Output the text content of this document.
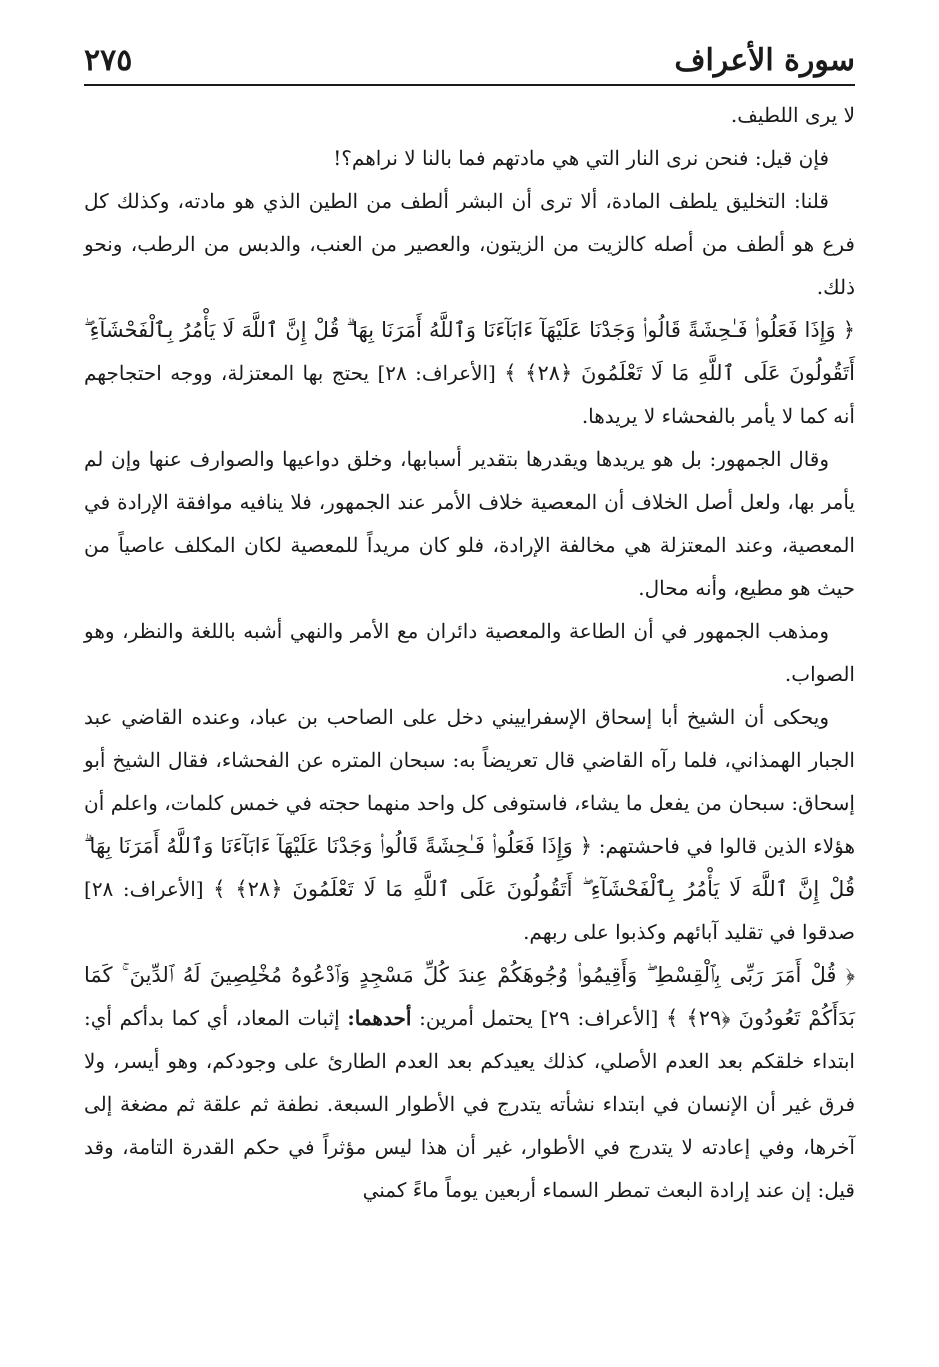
٢٧٥	سورة الأعراف

لا يرى اللطيف.

فإن قيل: فنحن نرى النار التي هي مادتهم فما بالنا لا نراهم؟!

قلنا: التخليق يلطف المادة، ألا ترى أن البشر ألطف من الطين الذي هو مادته، وكذلك كل فرع هو ألطف من أصله كالزيت من الزيتون، والعصير من العنب، والدبس من الرطب، ونحو ذلك.

﴿ وَإِذَا فَعَلُوا۟ فَـٰحِشَةً قَالُوا۟ وَجَدْنَا عَلَيْهَآ ءَابَآءَنَا وَٱللَّهُ أَمَرَنَا بِهَا ۗ قُلْ إِنَّ ٱللَّهَ لَا يَأْمُرُ بِٱلْفَحْشَآءِ ۖ أَتَقُولُونَ عَلَى ٱللَّهِ مَا لَا تَعْلَمُونَ ﴿٢٨﴾ ﴾ [الأعراف: ٢٨] يحتج بها المعتزلة، ووجه احتجاجهم أنه كما لا يأمر بالفحشاء لا يريدها.

وقال الجمهور: بل هو يريدها ويقدرها بتقدير أسبابها، وخلق دواعيها والصوارف عنها وإن لم يأمر بها، ولعل أصل الخلاف أن المعصية خلاف الأمر عند الجمهور، فلا ينافيه موافقة الإرادة في المعصية، وعند المعتزلة هي مخالفة الإرادة، فلو كان مريداً للمعصية لكان المكلف عاصياً من حيث هو مطيع، وأنه محال.

ومذهب الجمهور في أن الطاعة والمعصية دائران مع الأمر والنهي أشبه باللغة والنظر، وهو الصواب.

ويحكى أن الشيخ أبا إسحاق الإسفراييني دخل على الصاحب بن عباد، وعنده القاضي عبد الجبار الهمذاني، فلما رآه القاضي قال تعريضاً به: سبحان المتره عن الفحشاء، فقال الشيخ أبو إسحاق: سبحان من يفعل ما يشاء، فاستوفى كل واحد منهما حجته في خمس كلمات، واعلم أن هؤلاء الذين قالوا في فاحشتهم: ﴿ وَإِذَا فَعَلُوا۟ فَـٰحِشَةً قَالُوا۟ وَجَدْنَا عَلَيْهَآ ءَابَآءَنَا وَٱللَّهُ أَمَرَنَا بِهَا ۗ قُلْ إِنَّ ٱللَّهَ لَا يَأْمُرُ بِٱلْفَحْشَآءِ ۖ أَتَقُولُونَ عَلَى ٱللَّهِ مَا لَا تَعْلَمُونَ ﴿٢٨﴾ ﴾ [الأعراف: ٢٨] صدقوا في تقليد آبائهم وكذبوا على ربهم.

﴿ قُلْ أَمَرَ رَبِّى بِٱلْقِسْطِ ۖ وَأَقِيمُوا۟ وُجُوهَكُمْ عِندَ كُلِّ مَسْجِدٍ وَٱدْعُوهُ مُخْلِصِينَ لَهُ ٱلدِّينَ ۚ كَمَا بَدَأَكُمْ تَعُودُونَ ﴿٢٩﴾ ﴾ [الأعراف: ٢٩] يحتمل أمرين: أحدهما: إثبات المعاد، أي كما بدأكم أي: ابتداء خلقكم بعد العدم الأصلي، كذلك يعيدكم بعد العدم الطارئ على وجودكم، وهو أيسر، ولا فرق غير أن الإنسان في ابتداء نشأته يتدرج في الأطوار السبعة. نطفة ثم علقة ثم مضغة إلى آخرها، وفي إعادته لا يتدرج في الأطوار، غير أن هذا ليس مؤثراً في حكم القدرة التامة، وقد قيل: إن عند إرادة البعث تمطر السماء أربعين يوماً ماءً كمني
